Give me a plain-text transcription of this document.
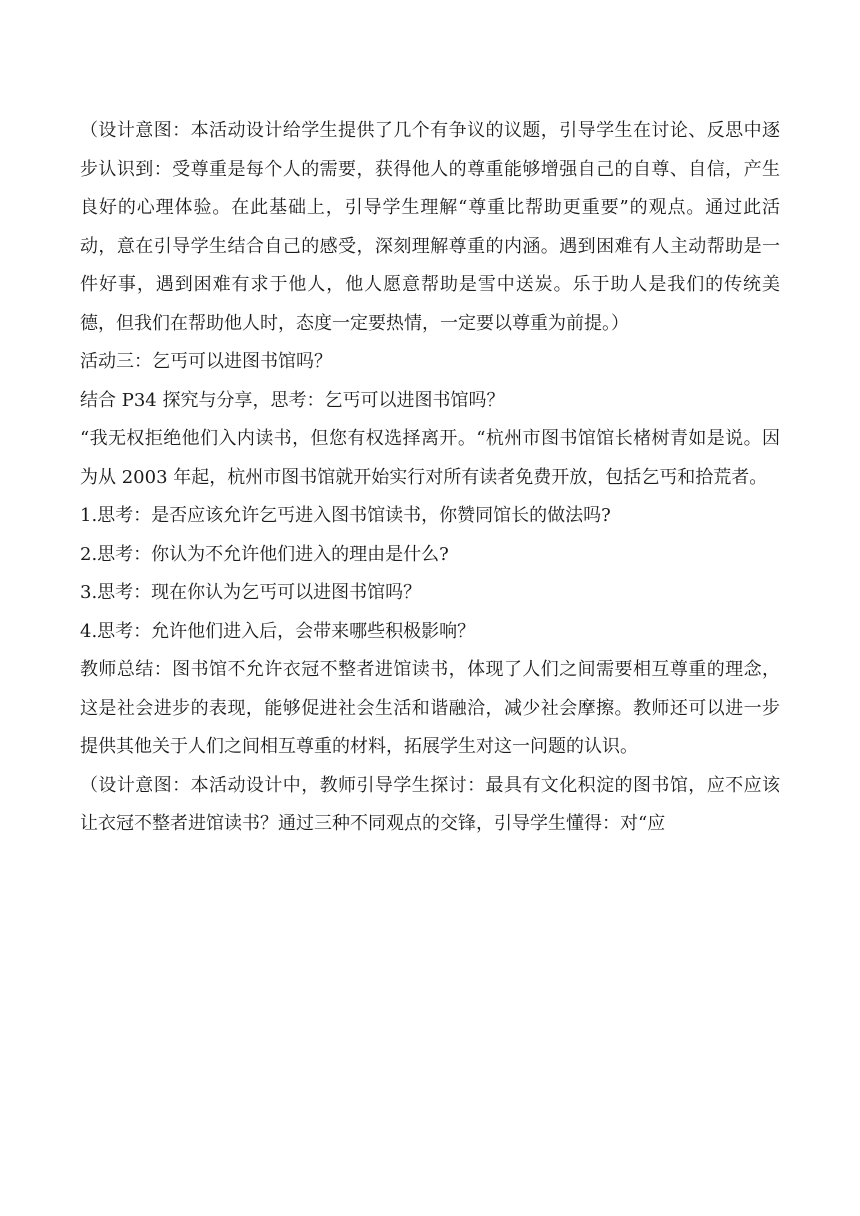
（设计意图：本活动设计给学生提供了几个有争议的议题，引导学生在讨论、反思中逐步认识到：受尊重是每个人的需要，获得他人的尊重能够增强自己的自尊、自信，产生良好的心理体验。在此基础上，引导学生理解“尊重比帮助更重要”的观点。通过此活动，意在引导学生结合自己的感受，深刻理解尊重的内涵。遇到困难有人主动帮助是一件好事，遇到困难有求于他人，他人愿意帮助是雪中送炭。乐于助人是我们的传统美德，但我们在帮助他人时，态度一定要热情，一定要以尊重为前提。）

活动三：乞丐可以进图书馆吗？

结合 P34 探究与分享，思考：乞丐可以进图书馆吗？

“我无权拒绝他们入内读书，但您有权选择离开。“杭州市图书馆馆长楮树青如是说。因为从 2003 年起，杭州市图书馆就开始实行对所有读者免费开放，包括乞丐和拾荒者。

1.思考：是否应该允许乞丐进入图书馆读书，你赞同馆长的做法吗?

2.思考：你认为不允许他们进入的理由是什么?

3.思考：现在你认为乞丐可以进图书馆吗？

4.思考：允许他们进入后，会带来哪些积极影响？

教师总结：图书馆不允许衣冠不整者进馆读书，体现了人们之间需要相互尊重的理念，这是社会进步的表现，能够促进社会生活和谐融洽，减少社会摩擦。教师还可以进一步提供其他关于人们之间相互尊重的材料，拓展学生对这一问题的认识。

（设计意图：本活动设计中，教师引导学生探讨：最具有文化积淀的图书馆，应不应该让衣冠不整者进馆读书？通过三种不同观点的交锋，引导学生懂得：对“应
